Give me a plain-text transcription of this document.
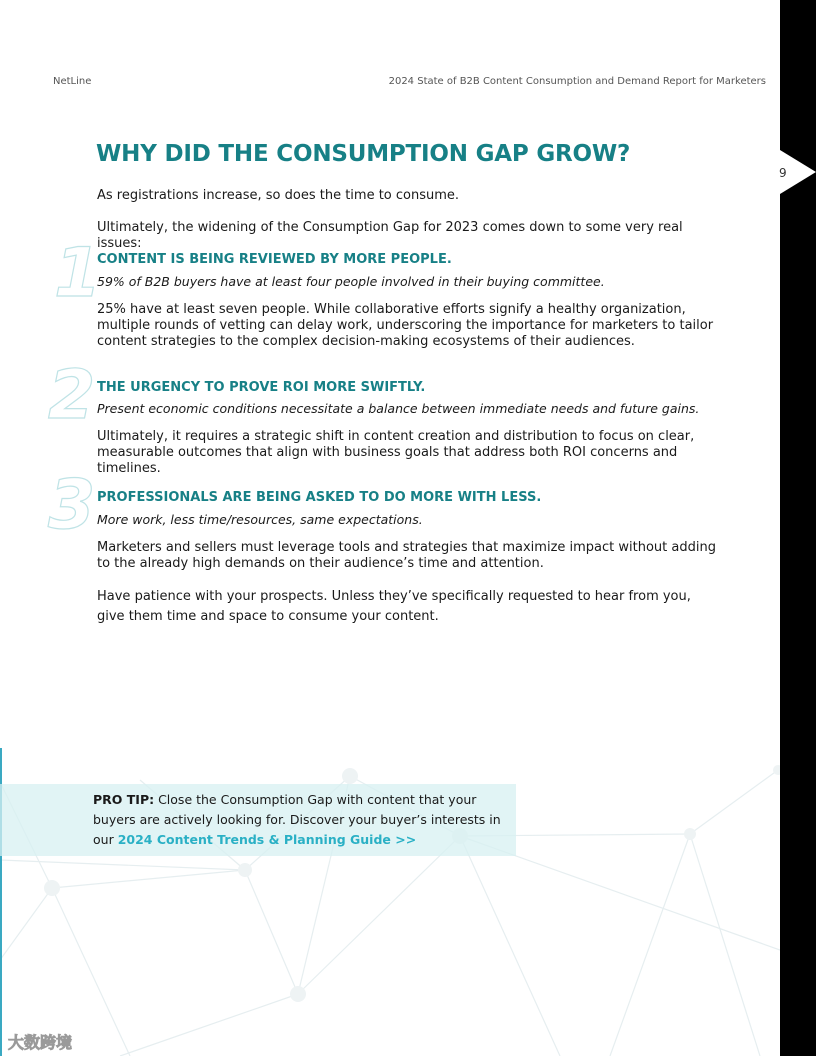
9
NetLine	2024 State of B2B Content Consumption and Demand Report for Marketers
WHY DID THE CONSUMPTION GAP GROW?

As registrations increase, so does the time to consume.

Ultimately, the widening of the Consumption Gap for 2023 comes down to some very real issues:

1
CONTENT IS BEING REVIEWED BY MORE PEOPLE.

59% of B2B buyers have at least four people involved in their buying committee.

25% have at least seven people. While collaborative efforts signify a healthy organization, multiple rounds of vetting can delay work, underscoring the importance for marketers to tailor content strategies to the complex decision-making ecosystems of their audiences.

2 THE URGENCY TO PROVE ROI MORE SWIFTLY.

Present economic conditions necessitate a balance between immediate needs and future gains.

Ultimately, it requires a strategic shift in content creation and distribution to focus on clear, measurable outcomes that align with business goals that address both ROI concerns and timelines.

3 PROFESSIONALS ARE BEING ASKED TO DO MORE WITH LESS.

More work, less time/resources, same expectations.

Marketers and sellers must leverage tools and strategies that maximize impact without adding to the already high demands on their audience’s time and attention.

Have patience with your prospects. Unless they’ve specifically requested to hear from you, give them time and space to consume your content.

PRO TIP: Close the Consumption Gap with content that your buyers are actively looking for. Discover your buyer’s interests in our 2024 Content Trends & Planning Guide >>

大数跨境
